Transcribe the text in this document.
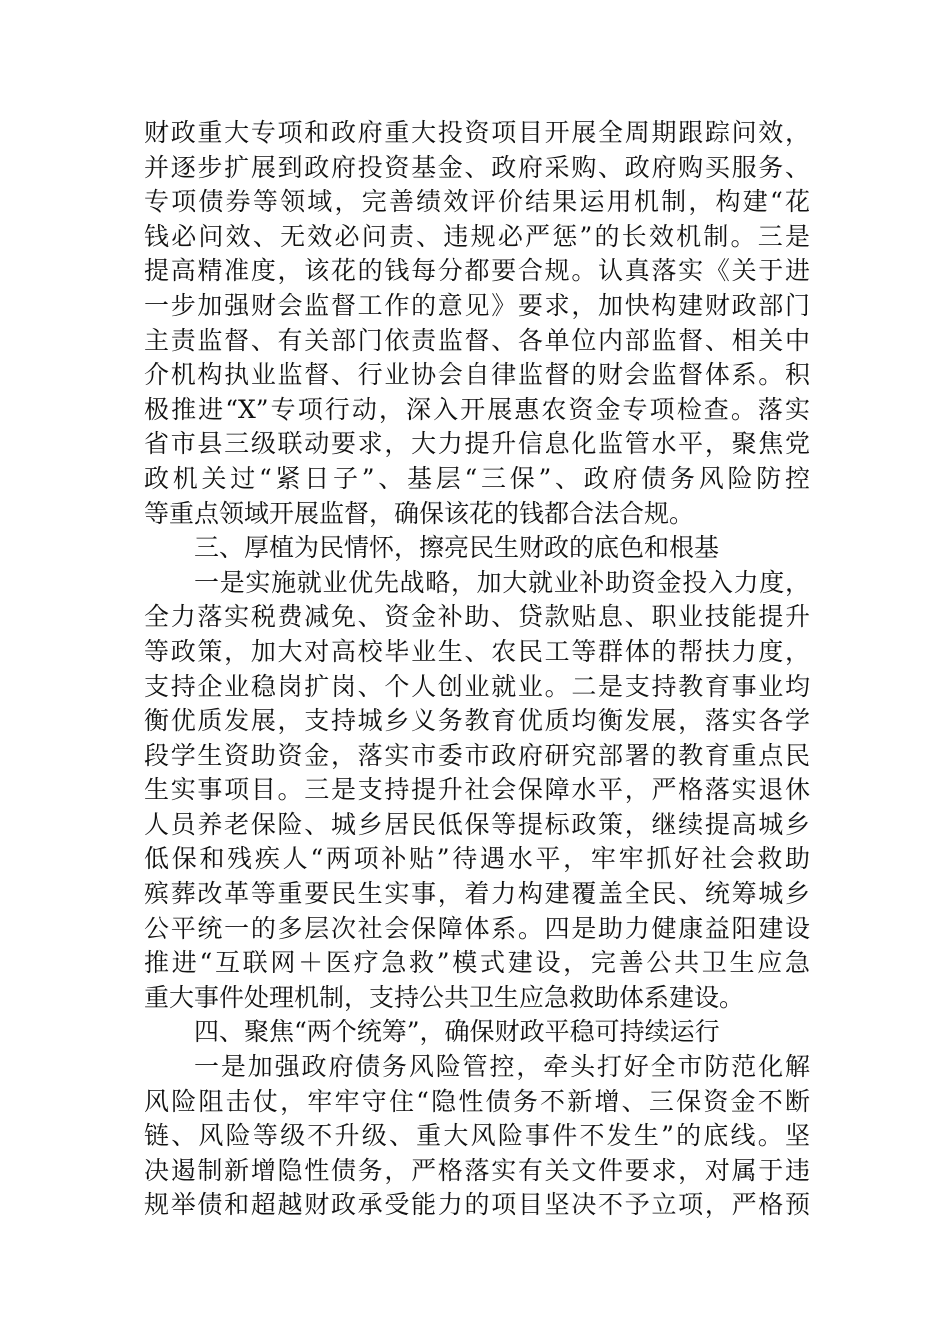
财政重大专项和政府重大投资项目开展全周期跟踪问效，
并逐步扩展到政府投资基金、政府采购、政府购买服务、
专项债券等领域，完善绩效评价结果运用机制，构建“花
钱必问效、无效必问责、违规必严惩”的长效机制。三是
提高精准度，该花的钱每分都要合规。认真落实《关于进
一步加强财会监督工作的意见》要求，加快构建财政部门
主责监督、有关部门依责监督、各单位内部监督、相关中
介机构执业监督、行业协会自律监督的财会监督体系。积
极推进“X”专项行动，深入开展惠农资金专项检查。落实
省市县三级联动要求，大力提升信息化监管水平，聚焦党
政机关过“紧日子”、基层“三保”、政府债务风险防控
等重点领域开展监督，确保该花的钱都合法合规。
三、厚植为民情怀，擦亮民生财政的底色和根基
一是实施就业优先战略，加大就业补助资金投入力度，
全力落实税费减免、资金补助、贷款贴息、职业技能提升
等政策，加大对高校毕业生、农民工等群体的帮扶力度，
支持企业稳岗扩岗、个人创业就业。二是支持教育事业均
衡优质发展，支持城乡义务教育优质均衡发展，落实各学
段学生资助资金，落实市委市政府研究部署的教育重点民
生实事项目。三是支持提升社会保障水平，严格落实退休
人员养老保险、城乡居民低保等提标政策，继续提高城乡
低保和残疾人“两项补贴”待遇水平，牢牢抓好社会救助
殡葬改革等重要民生实事，着力构建覆盖全民、统筹城乡
公平统一的多层次社会保障体系。四是助力健康益阳建设
推进“互联网＋医疗急救”模式建设，完善公共卫生应急
重大事件处理机制，支持公共卫生应急救助体系建设。
四、聚焦“两个统筹”，确保财政平稳可持续运行
一是加强政府债务风险管控，牵头打好全市防范化解
风险阻击仗，牢牢守住“隐性债务不新增、三保资金不断
链、风险等级不升级、重大风险事件不发生”的底线。坚
决遏制新增隐性债务，严格落实有关文件要求，对属于违
规举债和超越财政承受能力的项目坚决不予立项，严格预
